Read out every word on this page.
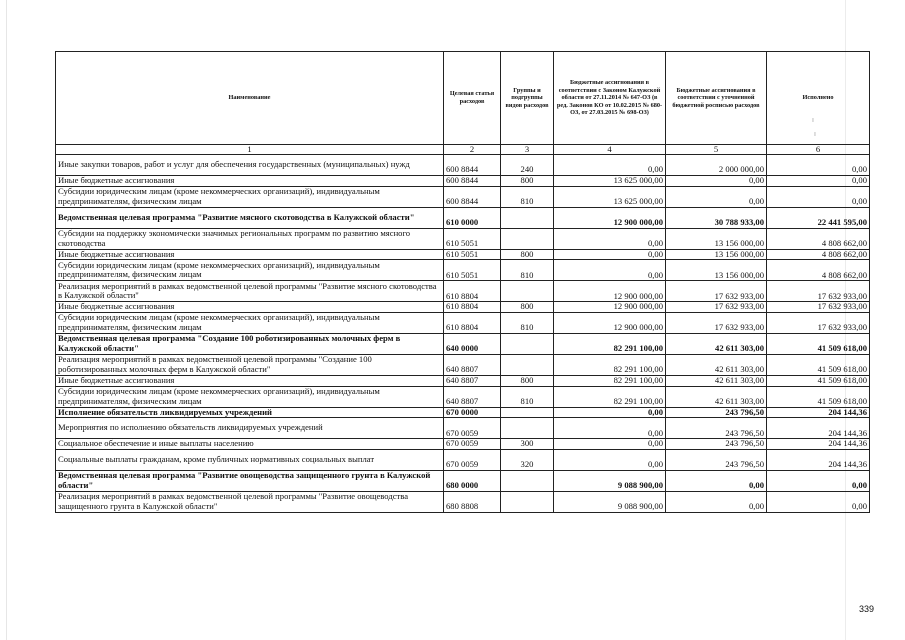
Наименование	Целевая статья расходов	Группы и подгруппы видов расходов	Бюджетные ассигнования в соответствии с Законом Калужской области от 27.11.2014 № 647-ОЗ (в ред. Законов КО от 10.02.2015 № 680-ОЗ, от 27.03.2015 № 698-ОЗ)	Бюджетные ассигнования в соответствии с уточненной бюджетной росписью расходов	Исполнено
1	2	3	4	5	6
Иные закупки товаров, работ и услуг для обеспечения государственных (муниципальных) нужд	600 8844	240	0,00	2 000 000,00	0,00
Иные бюджетные ассигнования	600 8844	800	13 625 000,00	0,00	0,00
Субсидии юридическим лицам (кроме некоммерческих организаций), индивидуальным предпринимателям, физическим лицам	600 8844	810	13 625 000,00	0,00	0,00
Ведомственная целевая программа "Развитие мясного скотоводства в Калужской области"	610 0000		12 900 000,00	30 788 933,00	22 441 595,00
Субсидии на поддержку экономически значимых региональных программ по развитию мясного скотоводства	610 5051		0,00	13 156 000,00	4 808 662,00
Иные бюджетные ассигнования	610 5051	800	0,00	13 156 000,00	4 808 662,00
Субсидии юридическим лицам (кроме некоммерческих организаций), индивидуальным предпринимателям, физическим лицам	610 5051	810	0,00	13 156 000,00	4 808 662,00
Реализация мероприятий в рамках ведомственной целевой программы "Развитие мясного скотоводства в Калужской области"	610 8804		12 900 000,00	17 632 933,00	17 632 933,00
Иные бюджетные ассигнования	610 8804	800	12 900 000,00	17 632 933,00	17 632 933,00
Субсидии юридическим лицам (кроме некоммерческих организаций), индивидуальным предпринимателям, физическим лицам	610 8804	810	12 900 000,00	17 632 933,00	17 632 933,00
Ведомственная целевая программа "Создание 100 роботизированных молочных ферм в Калужской области"	640 0000		82 291 100,00	42 611 303,00	41 509 618,00
Реализация мероприятий в рамках ведомственной целевой программы "Создание 100 роботизированных молочных ферм в Калужской области"	640 8807		82 291 100,00	42 611 303,00	41 509 618,00
Иные бюджетные ассигнования	640 8807	800	82 291 100,00	42 611 303,00	41 509 618,00
Субсидии юридическим лицам (кроме некоммерческих организаций), индивидуальным предпринимателям, физическим лицам	640 8807	810	82 291 100,00	42 611 303,00	41 509 618,00
Исполнение обязательств ликвидируемых учреждений	670 0000		0,00	243 796,50	204 144,36
Мероприятия по исполнению обязательств ликвидируемых учреждений	670 0059		0,00	243 796,50	204 144,36
Социальное обеспечение и иные выплаты населению	670 0059	300	0,00	243 796,50	204 144,36
Социальные выплаты гражданам, кроме публичных нормативных социальных выплат	670 0059	320	0,00	243 796,50	204 144,36
Ведомственная целевая программа "Развитие овощеводства защищенного грунта в Калужской области"	680 0000		9 088 900,00	0,00	0,00
Реализация мероприятий в рамках ведомственной целевой программы "Развитие овощеводства защищенного грунта в Калужской области"	680 8808		9 088 900,00	0,00	0,00
339
ı
ı
